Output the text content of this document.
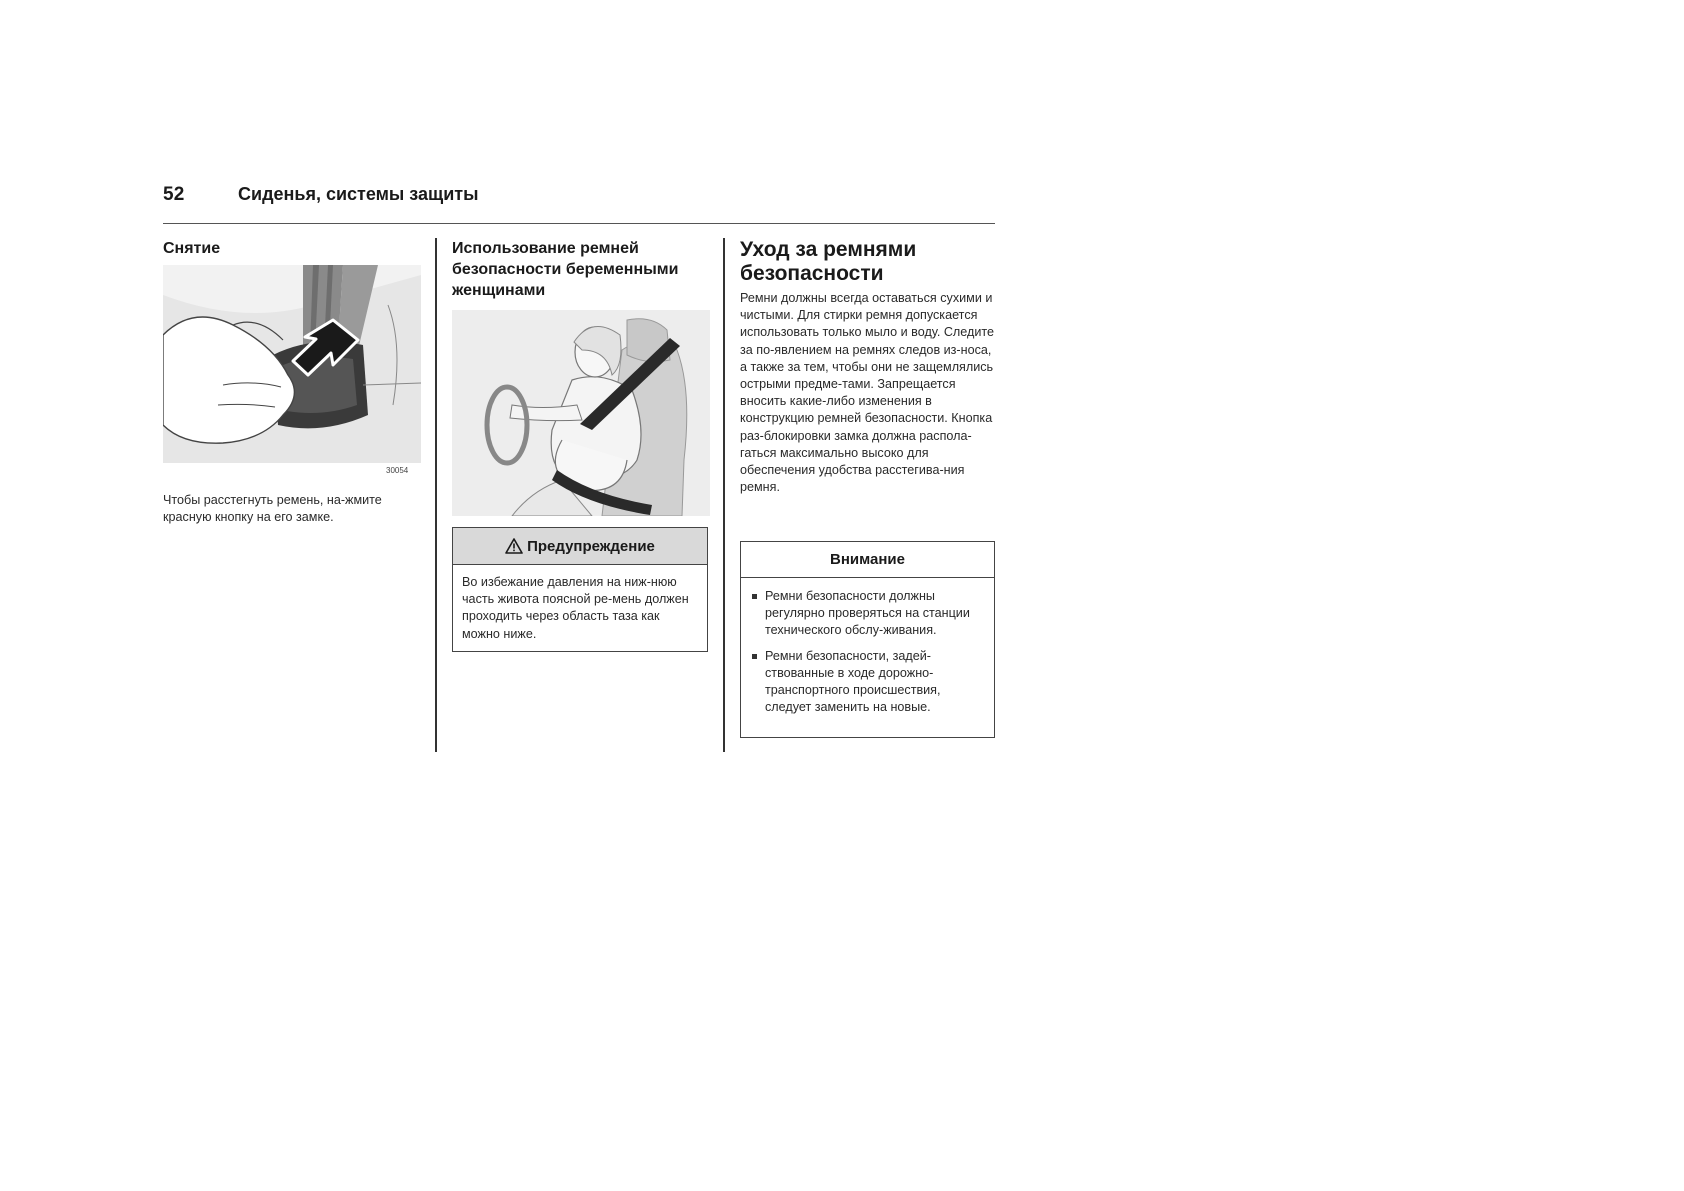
52	Сиденья, системы защиты
Снятие
30054
Чтобы расстегнуть ремень, на-жмите красную кнопку на его замке.
Использование ремней безопасности беременными женщинами
Предупреждение
Во избежание давления на ниж-нюю часть живота поясной ре-мень должен проходить через область таза как можно ниже.
Уход за ремнями безопасности
Ремни должны всегда оставаться сухими и чистыми. Для стирки ремня допускается использовать только мыло и воду. Следите за по-явлением на ремнях следов из-носа, а также за тем, чтобы они не защемлялись острыми предме-тами. Запрещается вносить какие-либо изменения в конструкцию ремней безопасности. Кнопка раз-блокировки замка должна распола-гаться максимально высоко для обеспечения удобства расстегива-ния ремня.
Внимание
Ремни безопасности должны регулярно проверяться на станции технического обслу-живания.
Ремни безопасности, задей-ствованные в ходе дорожно-транспортного происшествия, следует заменить на новые.
